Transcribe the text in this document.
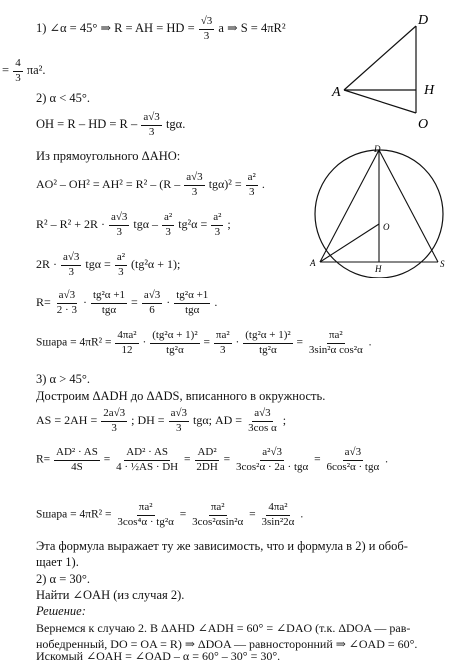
D
A	H
O
D
O
A
H	S
1) ∠α = 45° ⇒ R = AH = HD = $\frac{√3}{3}$ a ⇒ S = 4πR²
= $\frac{4}{3} \pi a^2$.
2) α < 45°.
OH = R – HD = R – $\frac{a√3}{3} tg\alpha$.
Из прямоугольного ΔAHO:
$AO^2 - OH^2 = AH^2 = R^2 - (R - \frac{a√3}{3} tg\alpha)^2 = \frac{\text{a²}}{3}$ .
$R^2 - R^2 + 2R \cdot \frac{a√3}{3}$ $tg\alpha - \frac{\text{a²}}{3} tg^2\alpha = \frac{\text{a²}}{3}$ ;
$2R \cdot \frac{a√3}{3}$ $tg\alpha = \frac{\text{a²}}{3} (tg^2\alpha + 1)$;
$R= \frac{a√3}{2 \cdot 3} \cdot \frac{\text{tg²α +1}}{\text{tgα}} = \frac{a√3}{6} \cdot \frac{\text{tg²α +1}}{\text{tgα}}$ .
Sшара = $4\pi R^2 = \frac{\text{4πa²}}{12} \cdot \frac{\text{(tg²α + 1)²}}{\text{tg²α}} = \frac{\text{πa²}}{3} \cdot \frac{\text{(tg²α + 1)²}}{\text{tg²α}} = \frac{\text{πa²}}{\text{3sin²α cos²α}}$ .
3) α > 45°.
Достроим ΔADH до ΔADS, вписанного в окружность.
AS = $2AH = \frac{2a√3}{3}$ ; DH = $\frac{a√3}{3} tg\alpha$; AD = $\frac{a√3}{\text{3cos α}}$ ;
$R= \frac{\text{AD² · AS}}{4S} = \frac{\text{AD² · AS}}{\text{4 · ½AS · DH}} = \frac{\text{AD²}}{2DH} = \frac{\text{a²√3}}{\text{3cos²α · 2a · tgα}} = \frac{a√3}{\text{6cos²α · tgα}}$ .
Sшара = $4\pi R^2 = \frac{\text{πa²}}{\text{3cos⁴α · tg²α}} = \frac{\text{πa²}}{\text{3cos²αsin²α}} = \frac{\text{4πa²}}{\text{3sin²2α}}$ .
Эта формула выражает ту же зависимость, что и формула в 2) и обоб-
щает 1).
2) α = 30°.
Найти ∠OAH (из случая 2).
Решение:
Вернемся к случаю 2. В ΔAHD ∠ADH = 60° = ∠DAO (т.к. ΔDOA — рав-
нобедренный, DO = OA = R) ⇒ ΔDOA — равносторонний ⇒ ∠OAD = 60°.
Искомый ∠OAH = ∠OAD – α = 60° – 30° = 30°.
